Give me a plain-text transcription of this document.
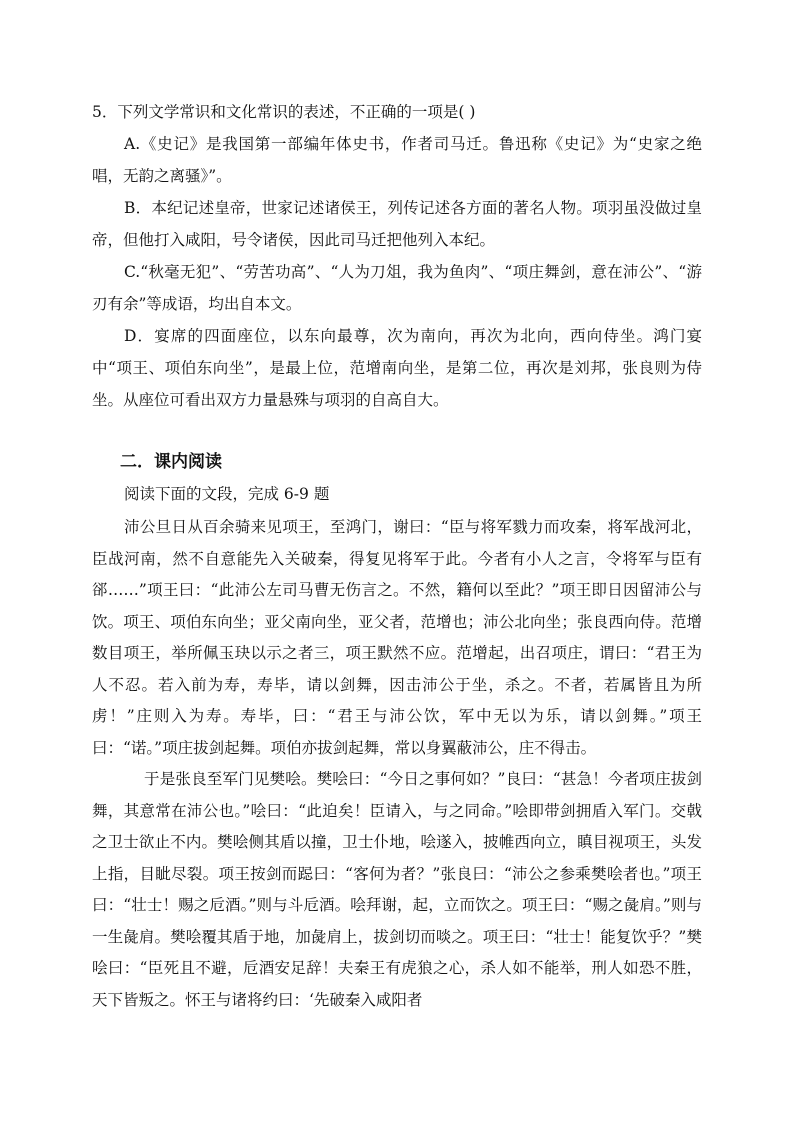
5．下列文学常识和文化常识的表述，不正确的一项是( )
A.《史记》是我国第一部编年体史书，作者司马迁。鲁迅称《史记》为“史家之绝唱，无韵之离骚》”。
B．本纪记述皇帝，世家记述诸侯王，列传记述各方面的著名人物。项羽虽没做过皇帝，但他打入咸阳，号令诸侯，因此司马迁把他列入本纪。
C.“秋毫无犯”、“劳苦功高”、“人为刀俎，我为鱼肉”、“项庄舞剑，意在沛公”、“游刃有余”等成语，均出自本文。
D．宴席的四面座位，以东向最尊，次为南向，再次为北向，西向侍坐。鸿门宴中“项王、项伯东向坐”，是最上位，范增南向坐，是第二位，再次是刘邦，张良则为侍坐。从座位可看出双方力量悬殊与项羽的自高自大。
二．课内阅读
阅读下面的文段，完成 6-9 题
沛公旦日从百余骑来见项王，至鸿门，谢曰：“臣与将军戮力而攻秦，将军战河北，臣战河南，然不自意能先入关破秦，得复见将军于此。今者有小人之言，令将军与臣有郤……”项王曰：“此沛公左司马曹无伤言之。不然，籍何以至此？”项王即日因留沛公与饮。项王、项伯东向坐；亚父南向坐，亚父者，范增也；沛公北向坐；张良西向侍。范增数目项王，举所佩玉玦以示之者三，项王默然不应。范增起，出召项庄，谓曰：“君王为人不忍。若入前为寿，寿毕，请以剑舞，因击沛公于坐，杀之。不者，若属皆且为所虏！”庄则入为寿。寿毕，曰：“君王与沛公饮，军中无以为乐，请以剑舞。”项王曰：“诺。”项庄拔剑起舞。项伯亦拔剑起舞，常以身翼蔽沛公，庄不得击。
于是张良至军门见樊哙。樊哙曰：“今日之事何如？”良曰：“甚急！今者项庄拔剑舞，其意常在沛公也。”哙曰：“此迫矣！臣请入，与之同命。”哙即带剑拥盾入军门。交戟之卫士欲止不内。樊哙侧其盾以撞，卫士仆地，哙遂入，披帷西向立，瞋目视项王，头发上指，目眦尽裂。项王按剑而跽曰：“客何为者？”张良曰：“沛公之参乘樊哙者也。”项王曰：“壮士！赐之卮酒。”则与斗卮酒。哙拜谢，起，立而饮之。项王曰：“赐之彘肩。”则与一生彘肩。樊哙覆其盾于地，加彘肩上，拔剑切而啖之。项王曰：“壮士！能复饮乎？”樊哙曰：“臣死且不避，卮酒安足辞！夫秦王有虎狼之心，杀人如不能举，刑人如恐不胜，天下皆叛之。怀王与诸将约曰：‘先破秦入咸阳者
